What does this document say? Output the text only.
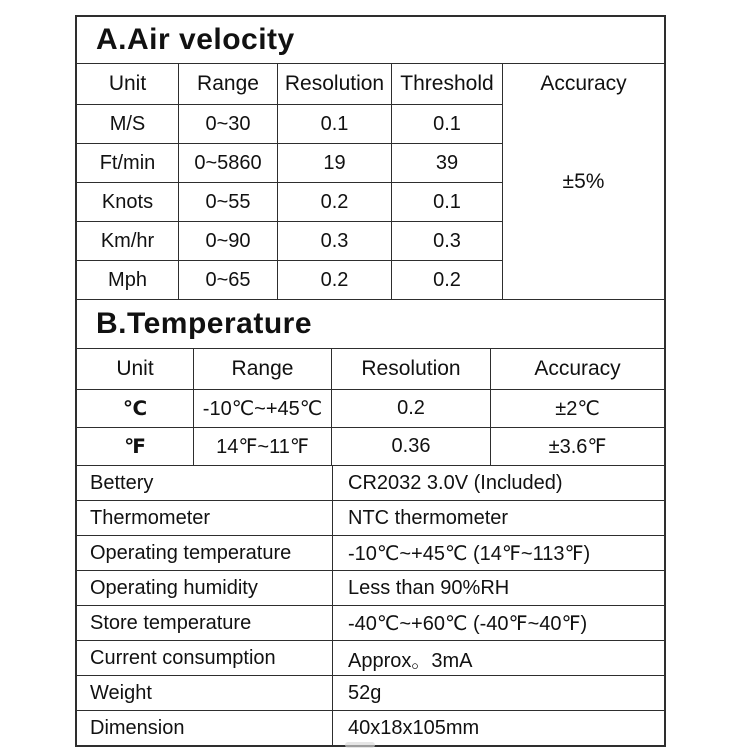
A.Air velocity
Unit	Range	Resolution	Threshold	Accuracy
±5%

M/S	0~30	0.1	0.1	
Ft/min	0~5860	19	39	
Knots	0~55	0.2	0.1	
Km/hr	0~90	0.3	0.3	
Mph	0~65	0.2	0.2	
B.Temperature
Unit	Range	Resolution	Accuracy
℃	-10℃~+45℃	0.2	±2℃
℉	14℉~11℉	0.36	±3.6℉
Bettery	CR2032 3.0V (Included)
Thermometer	NTC thermometer
Operating temperature	-10℃~+45℃ (14℉~113℉)
Operating humidity	Less than 90%RH
Store temperature	-40℃~+60℃ (-40℉~40℉)
Current consumption	Approx。3mA
Weight	52g
Dimension	40x18x105mm
